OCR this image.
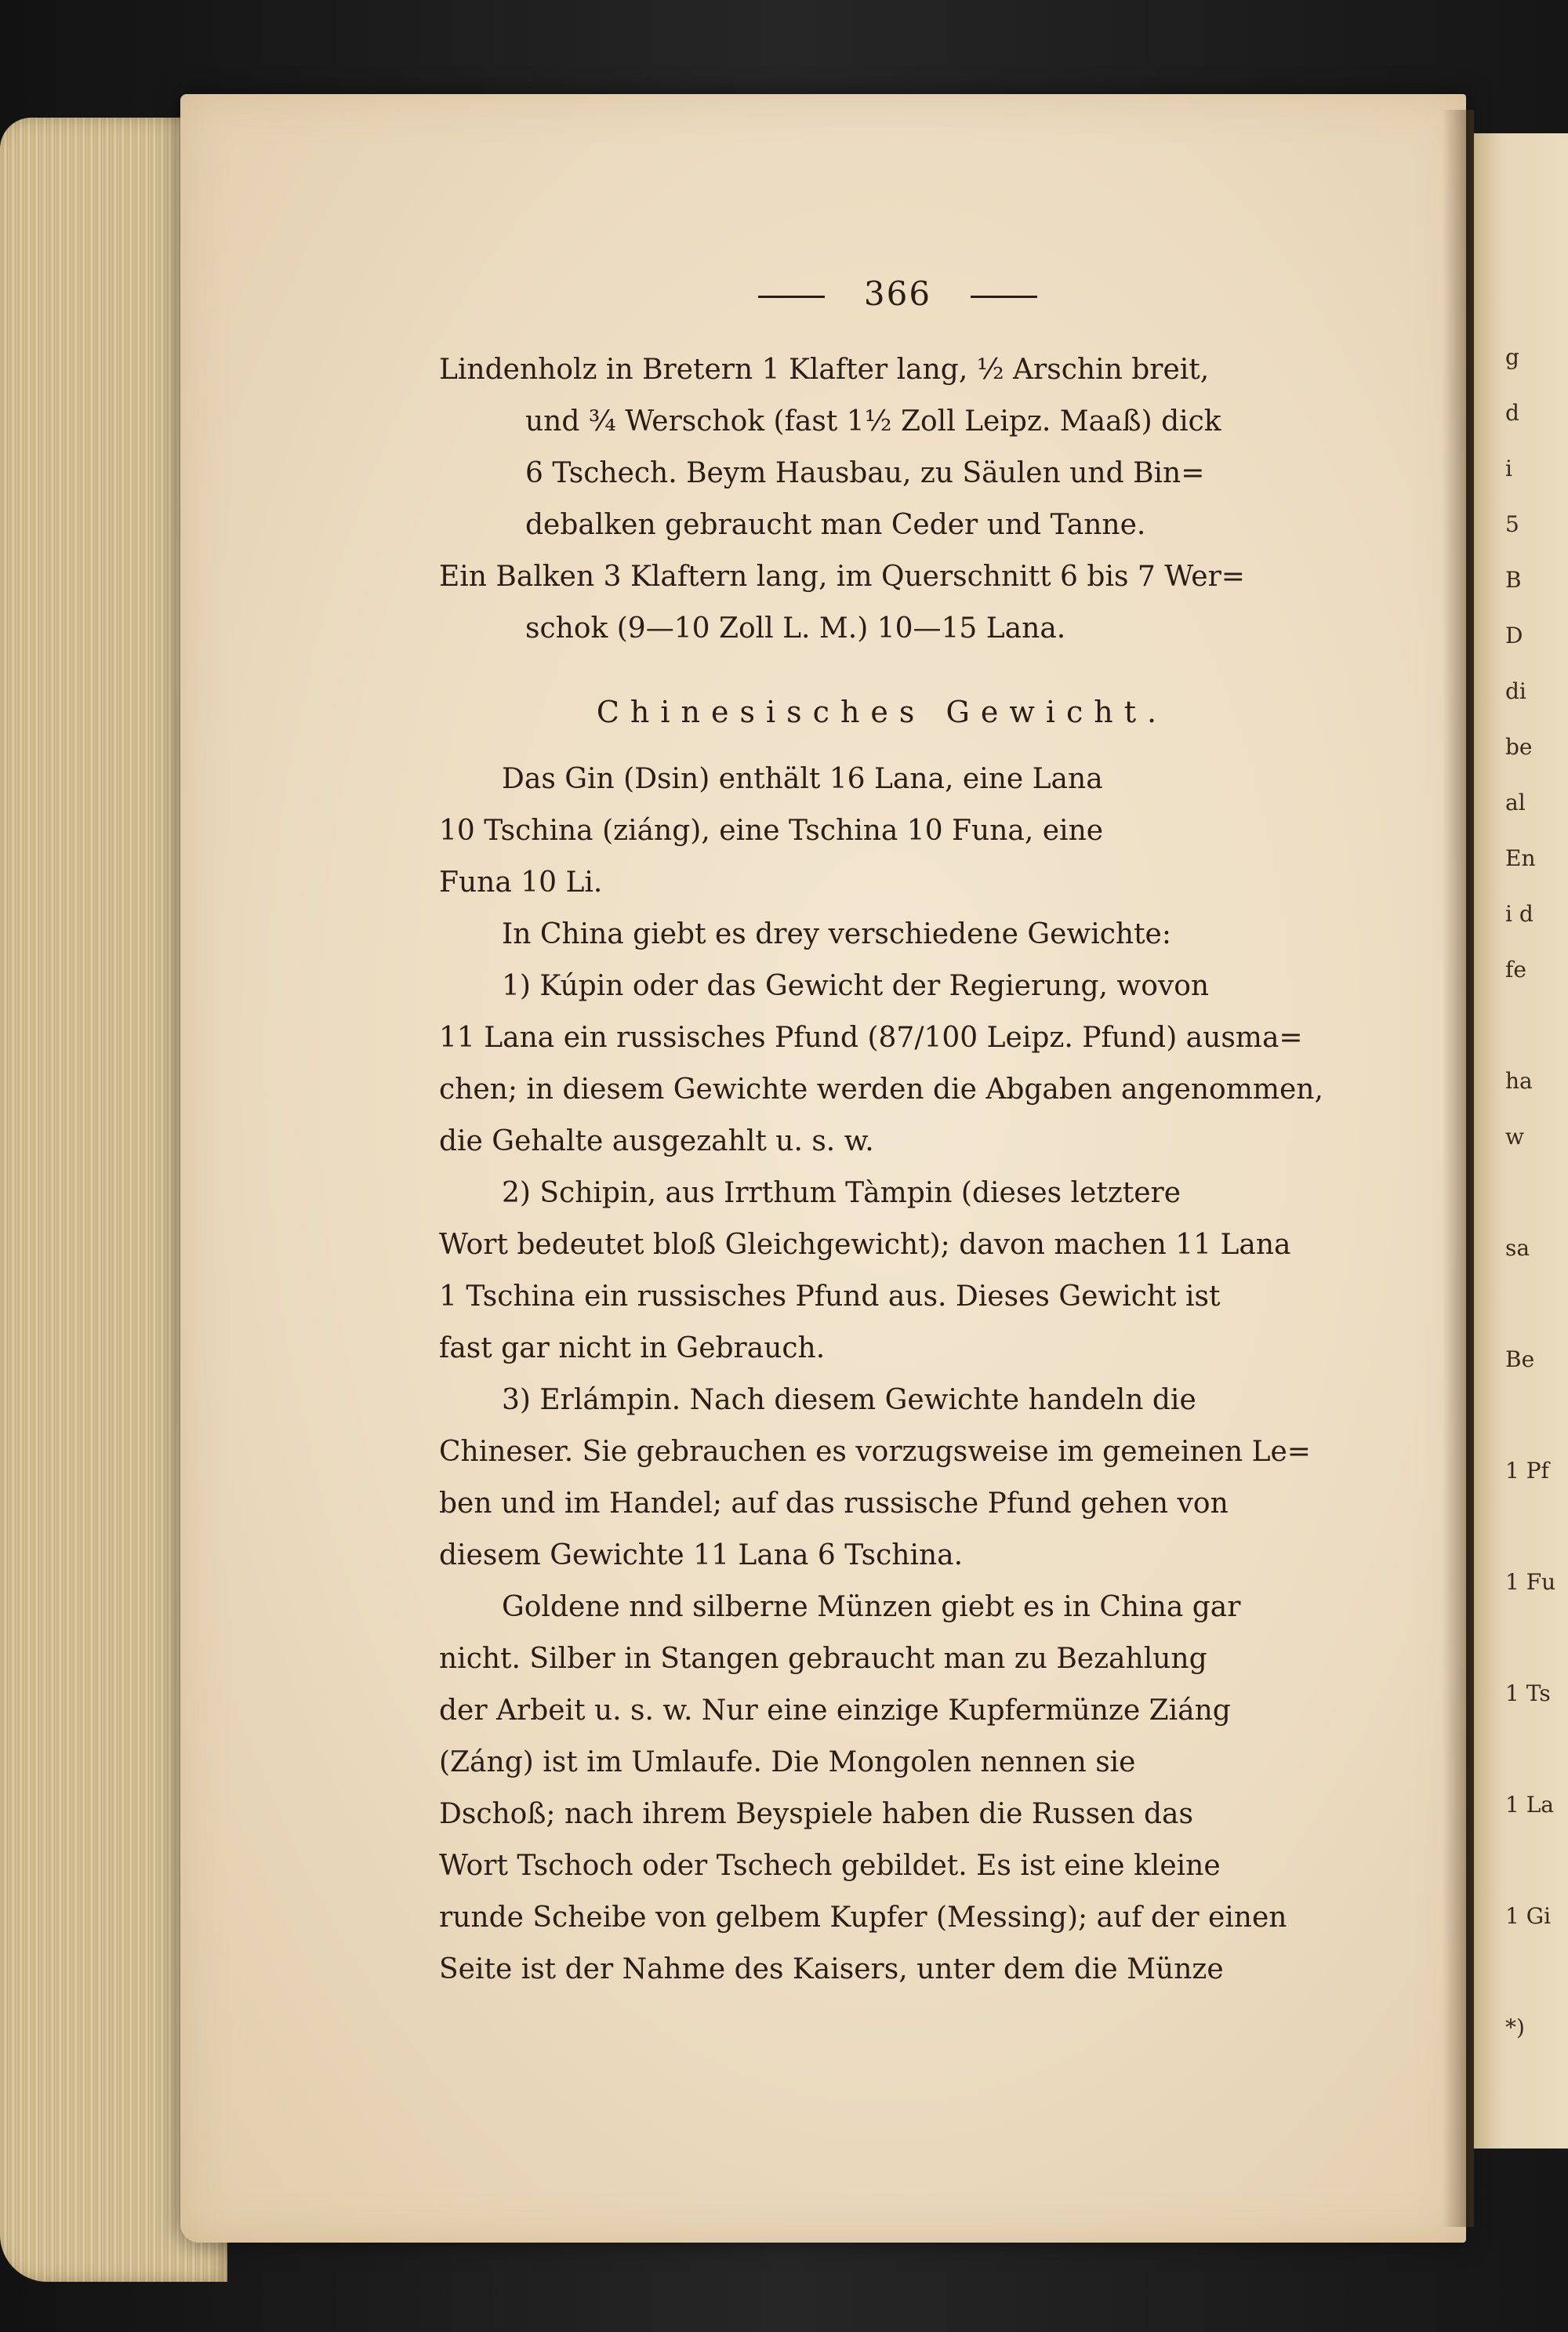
g
d
i
5
B
D
di
be
al
En
i d
fe

ha
w

sa

Be

1 Pf

1 Fu

1 Ts

1 La

1 Gi

*)
366
Lindenholz in Bretern 1 Klafter lang, ½ Arschin breit,
und ¾ Werschok (fast 1½ Zoll Leipz. Maaß) dick
6 Tschech. Beym Hausbau, zu Säulen und Bin=
debalken gebraucht man Ceder und Tanne.
Ein Balken 3 Klaftern lang, im Querschnitt 6 bis 7 Wer=
schok (9—10 Zoll L. M.) 10—15 Lana.
Chinesisches Gewicht.
Das Gin (Dsin) enthält 16 Lana, eine Lana
10 Tschina (ziáng), eine Tschina 10 Funa, eine
Funa 10 Li.
In China giebt es drey verschiedene Gewichte:
1) Kúpin oder das Gewicht der Regierung, wovon
11 Lana ein russisches Pfund (87/100 Leipz. Pfund) ausma=
chen; in diesem Gewichte werden die Abgaben angenommen,
die Gehalte ausgezahlt u. s. w.
2) Schipin, aus Irrthum Tàmpin (dieses letztere
Wort bedeutet bloß Gleichgewicht); davon machen 11 Lana
1 Tschina ein russisches Pfund aus. Dieses Gewicht ist
fast gar nicht in Gebrauch.
3) Erlámpin. Nach diesem Gewichte handeln die
Chineser. Sie gebrauchen es vorzugsweise im gemeinen Le=
ben und im Handel; auf das russische Pfund gehen von
diesem Gewichte 11 Lana 6 Tschina.
Goldene nnd silberne Münzen giebt es in China gar
nicht. Silber in Stangen gebraucht man zu Bezahlung
der Arbeit u. s. w. Nur eine einzige Kupfermünze Ziáng
(Záng) ist im Umlaufe. Die Mongolen nennen sie
Dschoß; nach ihrem Beyspiele haben die Russen das
Wort Tschoch oder Tschech gebildet. Es ist eine kleine
runde Scheibe von gelbem Kupfer (Messing); auf der einen
Seite ist der Nahme des Kaisers, unter dem die Münze
